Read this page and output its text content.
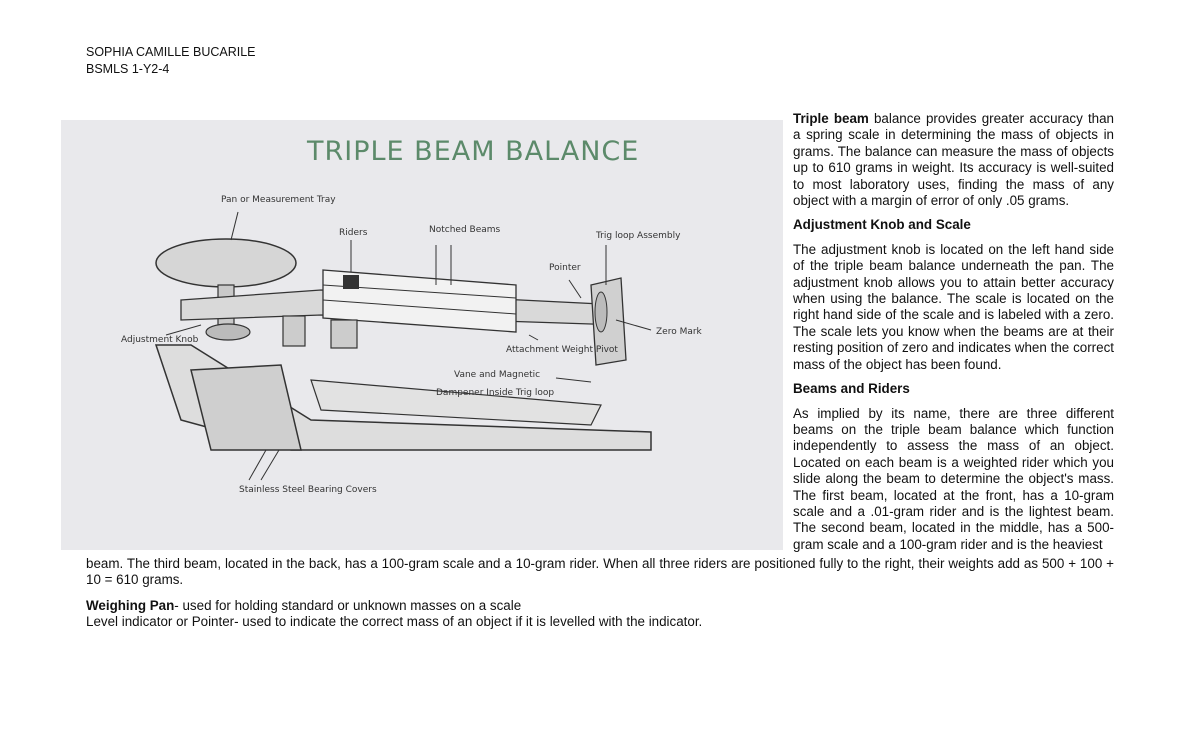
SOPHIA CAMILLE BUCARILE
BSMLS 1-Y2-4
TRIPLE BEAM BALANCE
Pan or Measurement Tray
Riders	Notched Beams
Trig loop Assembly
Pointer
Adjustment Knob
Zero Mark
Attachment Weight Pivot
Vane and Magnetic
Dampener Inside Trig loop
Stainless Steel Bearing Covers

Triple beam balance provides greater accuracy than a spring scale in determining the mass of objects in grams. The balance can measure the mass of objects up to 610 grams in weight. Its accuracy is well-suited to most laboratory uses, finding the mass of any object with a margin of error of only .05 grams.

Adjustment Knob and Scale

The adjustment knob is located on the left hand side of the triple beam balance underneath the pan. The adjustment knob allows you to attain better accuracy when using the balance. The scale is located on the right hand side of the scale and is labeled with a zero. The scale lets you know when the beams are at their resting position of zero and indicates when the correct mass of the object has been found.

Beams and Riders

As implied by its name, there are three different beams on the triple beam balance which function independently to assess the mass of an object. Located on each beam is a weighted rider which you slide along the beam to determine the object's mass. The first beam, located at the front, has a 10-gram scale and a .01-gram rider and is the lightest beam. The second beam, located in the middle, has a 500-gram scale and a 100-gram rider and is the heaviest

beam. The third beam, located in the back, has a 100-gram scale and a 10-gram rider. When all three riders are positioned fully to the right, their weights add as 500 + 100 + 10 = 610 grams.
Weighing Pan- used for holding standard or unknown masses on a scale
Level indicator or Pointer- used to indicate the correct mass of an object if it is levelled with the indicator.
